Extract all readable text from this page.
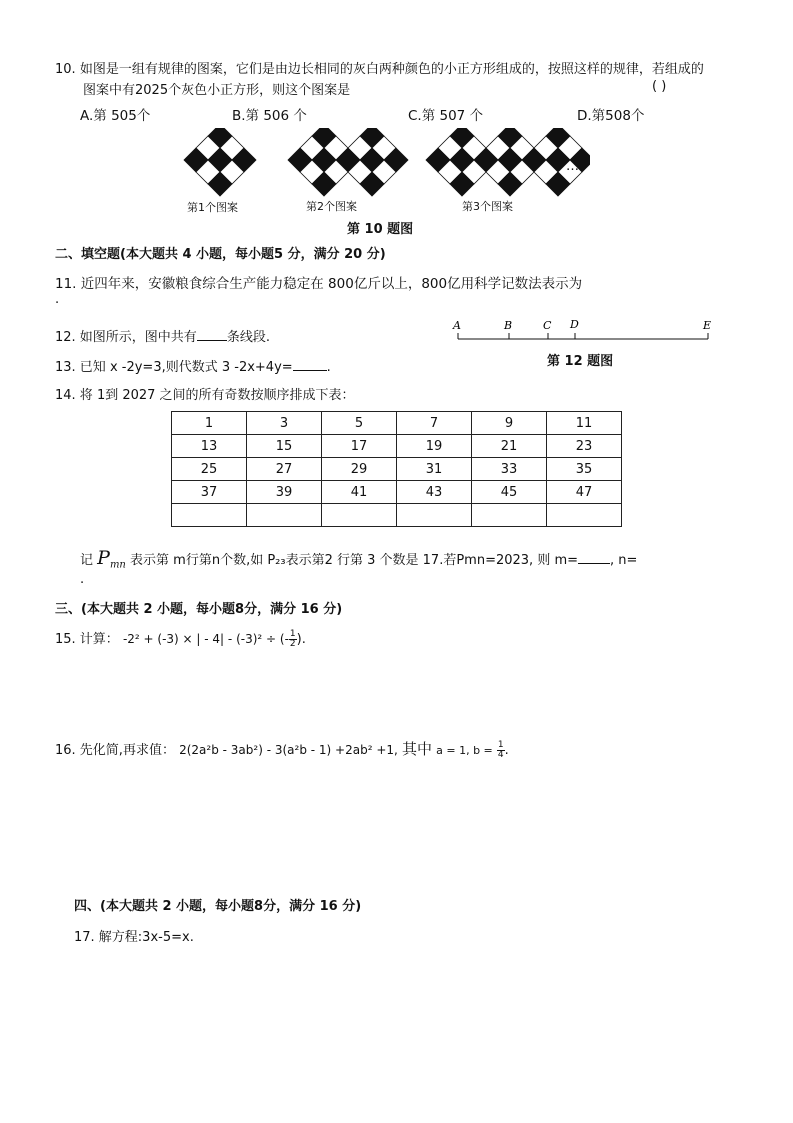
10. 如图是一组有规律的图案，它们是由边长相同的灰白两种颜色的小正方形组成的，按照这样的规律，若组成的
图案中有2025个灰色小正方形，则这个图案是	( )
A.第 505个	B.第 506 个	C.第 507 个	D.第508个
第1个图案	第2个图案	第3个图案
…
第 10 题图
二、填空题(本大题共 4 小题，每小题5 分，满分 20 分)
11. 近四年来，安徽粮食综合生产能力稳定在 800亿斤以上，800亿用科学记数法表示为
.
12. 如图所示，图中共有 条线段.
A	B	C D	E
第 12 题图
13. 已知 x -2y=3,则代数式 3 -2x+4y=	.
14. 将 1到 2027 之间的所有奇数按顺序排成下表：
1	3	5	7	9	11
13	15	17	19	21	23
25	27	29	31	33	35
37	39	41	43	45	47

记 $P_{mn}$ 表示第 m行第n个数,如 P₂₃表示第2 行第 3 个数是 17.若Pmn=2023, 则 m= , n=
.
三、(本大题共 2 小题，每小题8分，满分 16 分)
15. 计算： -2² + (-3) × | - 4| - (-3)² ÷ (- $\frac{1}{2}$ ).
16. 先化简,再求值： 2(2a²b - 3ab²) - 3(a²b - 1) +2ab² +1, 其中 a = 1, $b = \frac{1}{4}$ .
四、(本大题共 2 小题，每小题8分，满分 16 分)
17. 解方程:3x-5=x.
